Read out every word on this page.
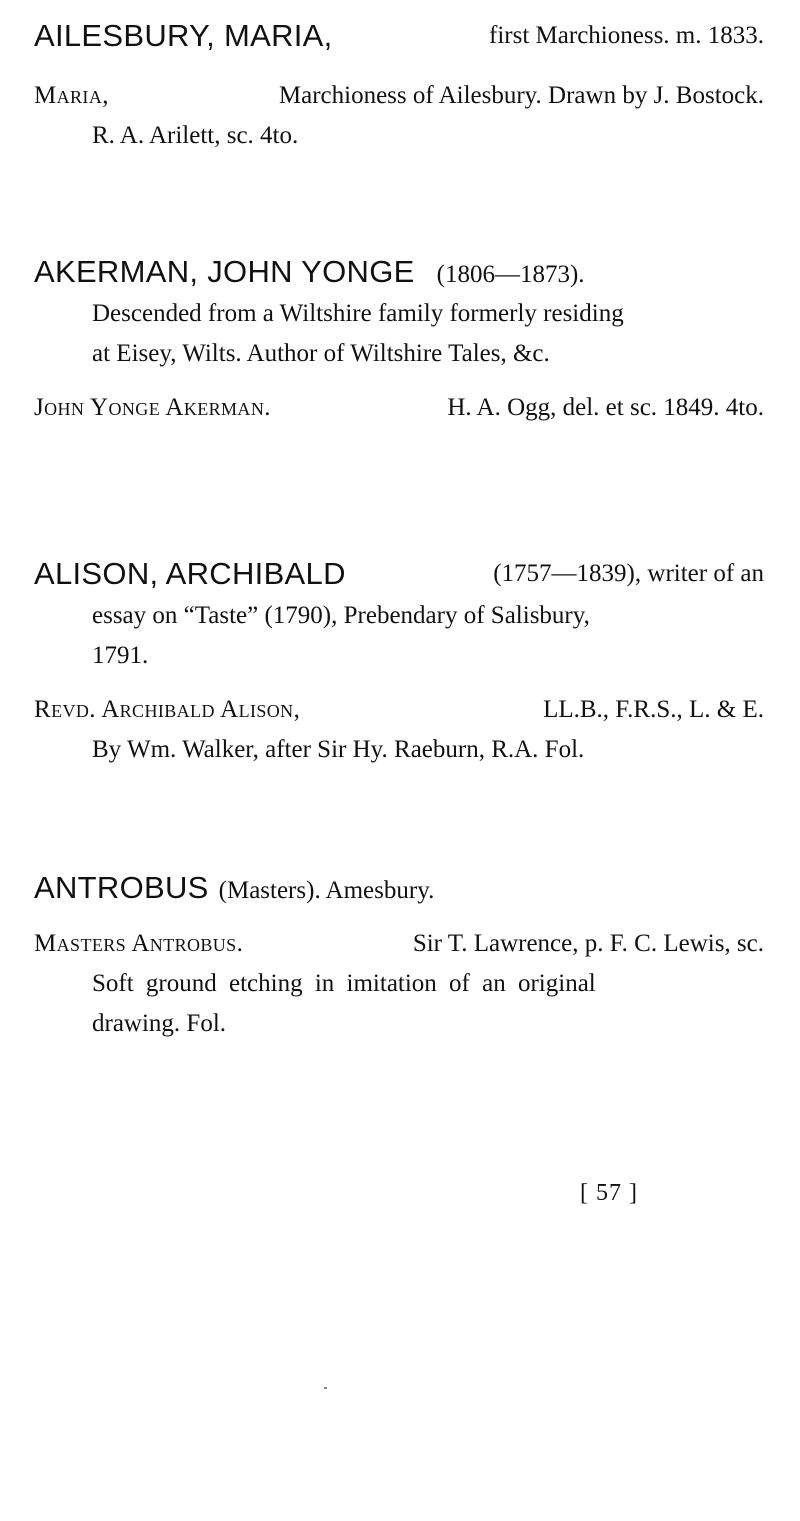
AILESBURY, MARIA,	first Marchioness. m. 1833.
Maria,	Marchioness of Ailesbury. Drawn by J. Bostock.
R. A. Arilett, sc. 4to.
AKERMAN, JOHN YONGE (1806—1873).
Descended from a Wiltshire family formerly residing
at Eisey, Wilts. Author of Wiltshire Tales, &c.
John Yonge Akerman.	H. A. Ogg, del. et sc. 1849. 4to.
ALISON, ARCHIBALD	(1757—1839), writer of an
essay on “Taste” (1790), Prebendary of Salisbury,
1791.
Revd. Archibald Alison,	LL.B., F.R.S., L. & E.
By Wm. Walker, after Sir Hy. Raeburn, R.A. Fol.
ANTROBUS (Masters). Amesbury.
Masters Antrobus.	Sir T. Lawrence, p. F. C. Lewis, sc.
Soft ground etching in imitation of an original
drawing. Fol.
[ 57 ]
